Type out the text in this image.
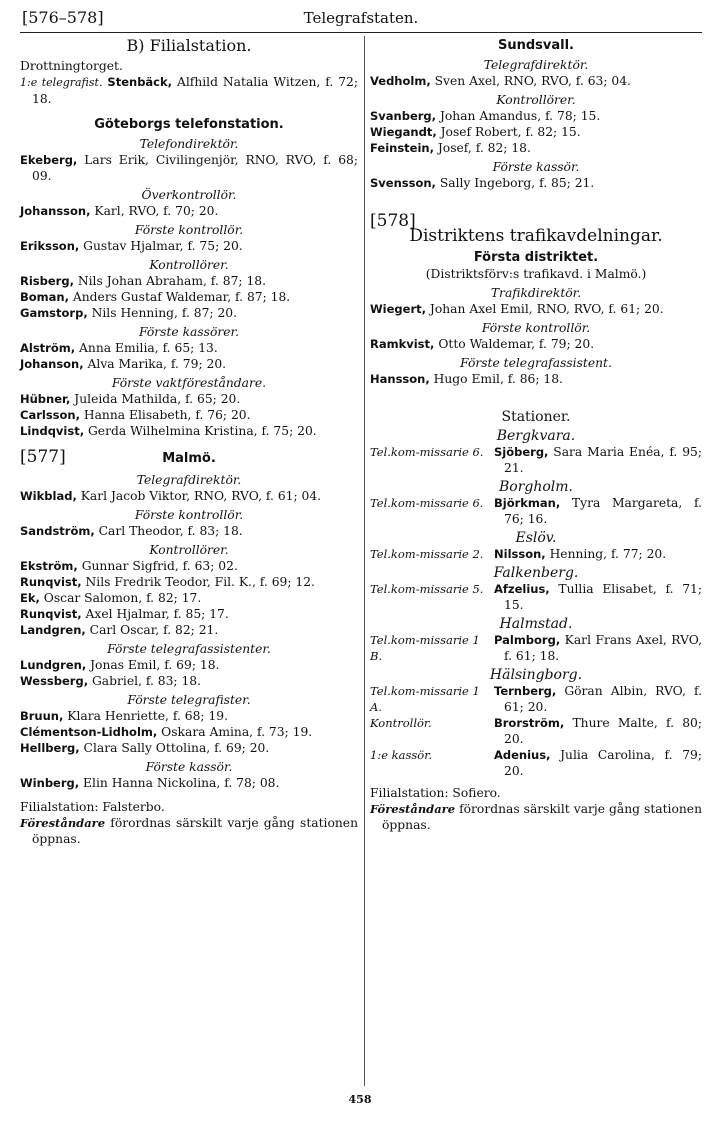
[576–578]	Telegrafstaten.
B) Filialstation.
Drottningtorget.
1:e telegrafist. Stenbäck, Alfhild Natalia Witzen, f. 72; 18.
Göteborgs telefonstation.
Telefondirektör.
Ekeberg, Lars Erik, Civilingenjör, RNO, RVO, f. 68; 09.
Överkontrollör.
Johansson, Karl, RVO, f. 70; 20.
Förste kontrollör.
Eriksson, Gustav Hjalmar, f. 75; 20.
Kontrollörer.
Risberg, Nils Johan Abraham, f. 87; 18.
Boman, Anders Gustaf Waldemar, f. 87; 18.
Gamstorp, Nils Henning, f. 87; 20.
Förste kassörer.
Alström, Anna Emilia, f. 65; 13.
Johanson, Alva Marika, f. 79; 20.
Förste vaktföreståndare.
Hübner, Juleida Mathilda, f. 65; 20.
Carlsson, Hanna Elisabeth, f. 76; 20.
Lindqvist, Gerda Wilhelmina Kristina, f. 75; 20.
[577]	Malmö.
Telegrafdirektör.
Wikblad, Karl Jacob Viktor, RNO, RVO, f. 61; 04.
Förste kontrollör.
Sandström, Carl Theodor, f. 83; 18.
Kontrollörer.
Ekström, Gunnar Sigfrid, f. 63; 02.
Runqvist, Nils Fredrik Teodor, Fil. K., f. 69; 12.
Ek, Oscar Salomon, f. 82; 17.
Runqvist, Axel Hjalmar, f. 85; 17.
Landgren, Carl Oscar, f. 82; 21.
Förste telegrafassistenter.
Lundgren, Jonas Emil, f. 69; 18.
Wessberg, Gabriel, f. 83; 18.
Förste telegrafister.
Bruun, Klara Henriette, f. 68; 19.
Clémentson-Lidholm, Oskara Amina, f. 73; 19.
Hellberg, Clara Sally Ottolina, f. 69; 20.
Förste kassör.
Winberg, Elin Hanna Nickolina, f. 78; 08.
Filialstation: Falsterbo.
Föreståndare förordnas särskilt varje gång stationen öppnas.
Sundsvall.
Telegrafdirektör.
Vedholm, Sven Axel, RNO, RVO, f. 63; 04.
Kontrollörer.
Svanberg, Johan Amandus, f. 78; 15.
Wiegandt, Josef Robert, f. 82; 15.
Feinstein, Josef, f. 82; 18.
Förste kassör.
Svensson, Sally Ingeborg, f. 85; 21.
[578]
Distriktens trafikavdelningar.
Första distriktet.
(Distriktsförv:s trafikavd. i Malmö.)
Trafikdirektör.
Wiegert, Johan Axel Emil, RNO, RVO, f. 61; 20.
Förste kontrollör.
Ramkvist, Otto Waldemar, f. 79; 20.
Förste telegrafassistent.
Hansson, Hugo Emil, f. 86; 18.
Stationer.
Bergkvara.
Tel.kom-missarie 6. Sjöberg, Sara Maria Enéa, f. 95; 21.
Borgholm.
Tel.kom-missarie 6. Björkman, Tyra Margareta, f. 76; 16.
Eslöv.
Tel.kom-missarie 2. Nilsson, Henning, f. 77; 20.
Falkenberg.
Tel.kom-missarie 5. Afzelius, Tullia Elisabet, f. 71; 15.
Halmstad.
Tel.kom-missarie 1 B.
Palmborg, Karl Frans Axel, RVO, f. 61; 18.
Hälsingborg.
Tel.kom-missarie 1 A.
Ternberg, Göran Albin, RVO, f. 61; 20.
Kontrollör.	Brorström, Thure Malte, f. 80; 20.
1:e kassör.	Adenius, Julia Carolina, f. 79; 20.
Filialstation: Sofiero.
Föreståndare förordnas särskilt varje gång stationen öppnas.
458
